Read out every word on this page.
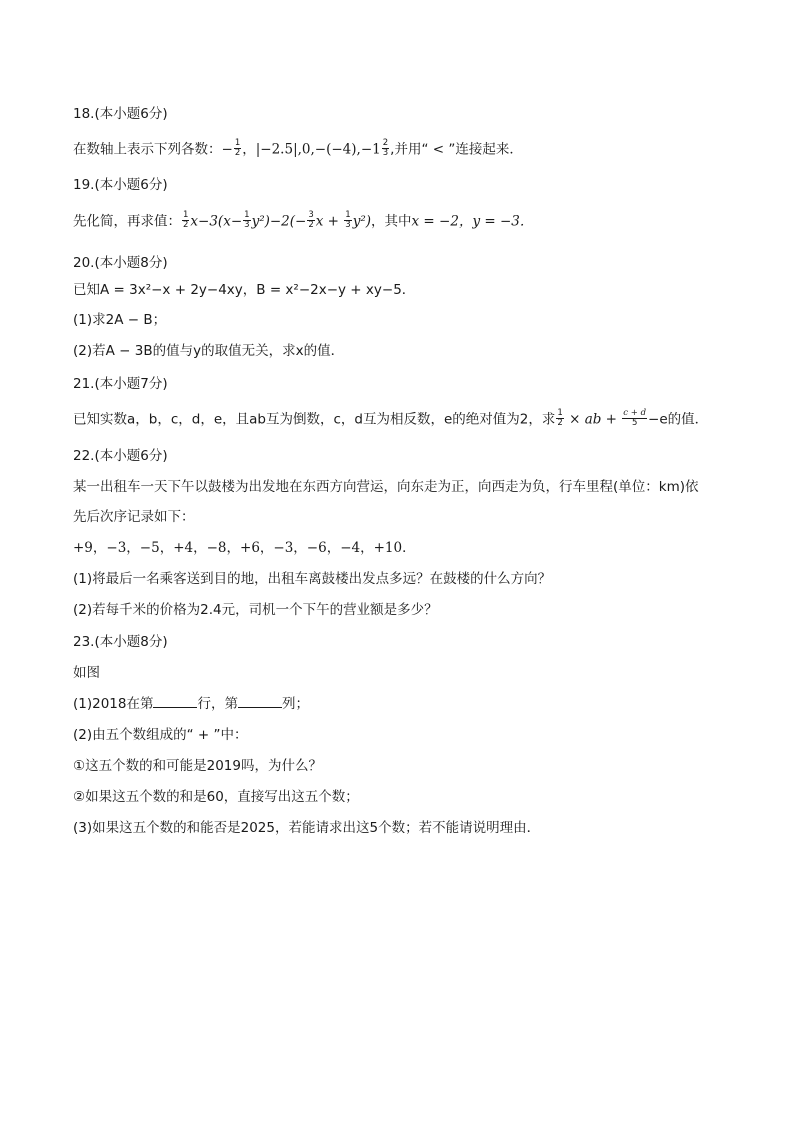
18.(本小题6分)
在数轴上表示下列各数：− $\frac{1}{2}$ ，$|-2.5|,0,-(-4),-1 \frac{2}{3}$ ,并用“ < ”连接起来．
19.(本小题6分)
先化简，再求值： $\frac{1}{2} x-3(x- \frac{1}{3} y^2)-2(- \frac{3}{2}$ $x + \frac{1}{3} y^2$)，其中x = −2，y = −3．
20.(本小题8分)
已知A = 3x²−x + 2y−4xy，B = x²−2x−y + xy−5．
(1)求2A − B；
(2)若A − 3B的值与y的取值无关，求x的值．
21.(本小题7分)
已知实数a，b，c，d，e，且ab互为倒数，c，d互为相反数，e的绝对值为2，求 $\frac{1}{2}$ × ab + $\frac{c + d}{5} -e$的值．
22.(本小题6分)
某一出租车一天下午以鼓楼为出发地在东西方向营运，向东走为正，向西走为负，行车里程(单位：km)依
先后次序记录如下：
+9，−3，−5，+4，−8，+6，−3，−6，−4，+10．
(1)将最后一名乘客送到目的地，出租车离鼓楼出发点多远？在鼓楼的什么方向？
(2)若每千米的价格为2.4元，司机一个下午的营业额是多少？
23.(本小题8分)
如图
(1)2018在第	行，第	列；
(2)由五个数组成的“ + ”中：
①这五个数的和可能是2019吗，为什么？
②如果这五个数的和是60，直接写出这五个数；
(3)如果这五个数的和能否是2025，若能请求出这5个数；若不能请说明理由．
